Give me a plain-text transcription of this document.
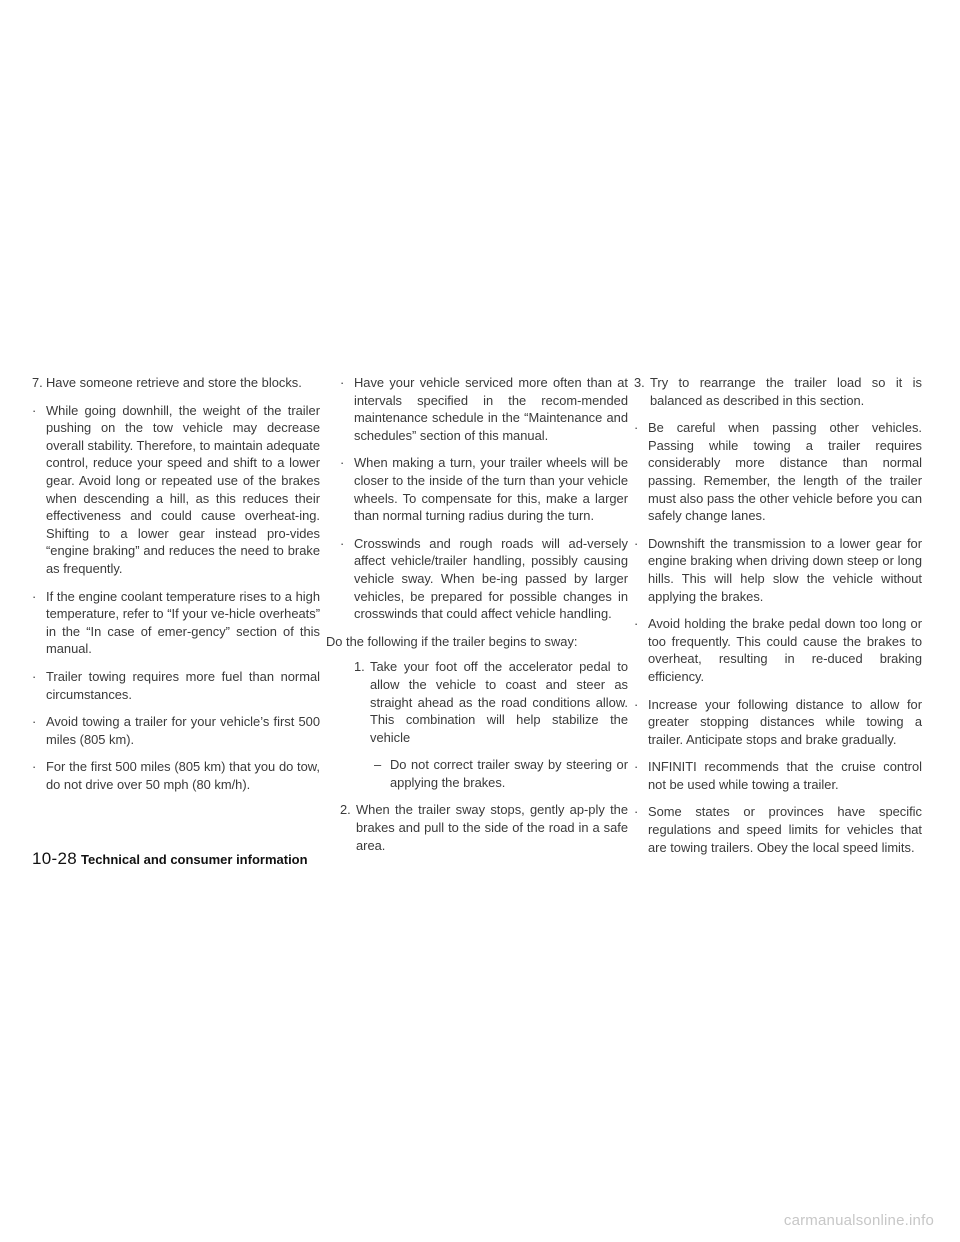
7. Have someone retrieve and store the blocks.
· While going downhill, the weight of the trailer pushing on the tow vehicle may decrease overall stability. Therefore, to maintain adequate control, reduce your speed and shift to a lower gear. Avoid long or repeated use of the brakes when descending a hill, as this reduces their effectiveness and could cause overheat-ing. Shifting to a lower gear instead pro-vides “engine braking” and reduces the need to brake as frequently.
· If the engine coolant temperature rises to a high temperature, refer to “If your ve-hicle overheats” in the “In case of emer-gency” section of this manual.
· Trailer towing requires more fuel than normal circumstances.
· Avoid towing a trailer for your vehicle’s first 500 miles (805 km).
· For the first 500 miles (805 km) that you do tow, do not drive over 50 mph (80 km/h).
· Have your vehicle serviced more often than at intervals specified in the recom-mended maintenance schedule in the “Maintenance and schedules” section of this manual.
· When making a turn, your trailer wheels will be closer to the inside of the turn than your vehicle wheels. To compensate for this, make a larger than normal turning radius during the turn.
· Crosswinds and rough roads will ad-versely affect vehicle/trailer handling, possibly causing vehicle sway. When be-ing passed by larger vehicles, be prepared for possible changes in crosswinds that could affect vehicle handling.
Do the following if the trailer begins to sway:
1. Take your foot off the accelerator pedal to allow the vehicle to coast and steer as straight ahead as the road conditions allow. This combination will help stabilize the vehicle
– Do not correct trailer sway by steering or applying the brakes.
2. When the trailer sway stops, gently ap-ply the brakes and pull to the side of the road in a safe area.
3. Try to rearrange the trailer load so it is balanced as described in this section.
· Be careful when passing other vehicles. Passing while towing a trailer requires considerably more distance than normal passing. Remember, the length of the trailer must also pass the other vehicle before you can safely change lanes.
· Downshift the transmission to a lower gear for engine braking when driving down steep or long hills. This will help slow the vehicle without applying the brakes.
· Avoid holding the brake pedal down too long or too frequently. This could cause the brakes to overheat, resulting in re-duced braking efficiency.
· Increase your following distance to allow for greater stopping distances while towing a trailer. Anticipate stops and brake gradually.
· INFINITI recommends that the cruise control not be used while towing a trailer.
· Some states or provinces have specific regulations and speed limits for vehicles that are towing trailers. Obey the local speed limits.
10-28 Technical and consumer information
carmanualsonline.info
